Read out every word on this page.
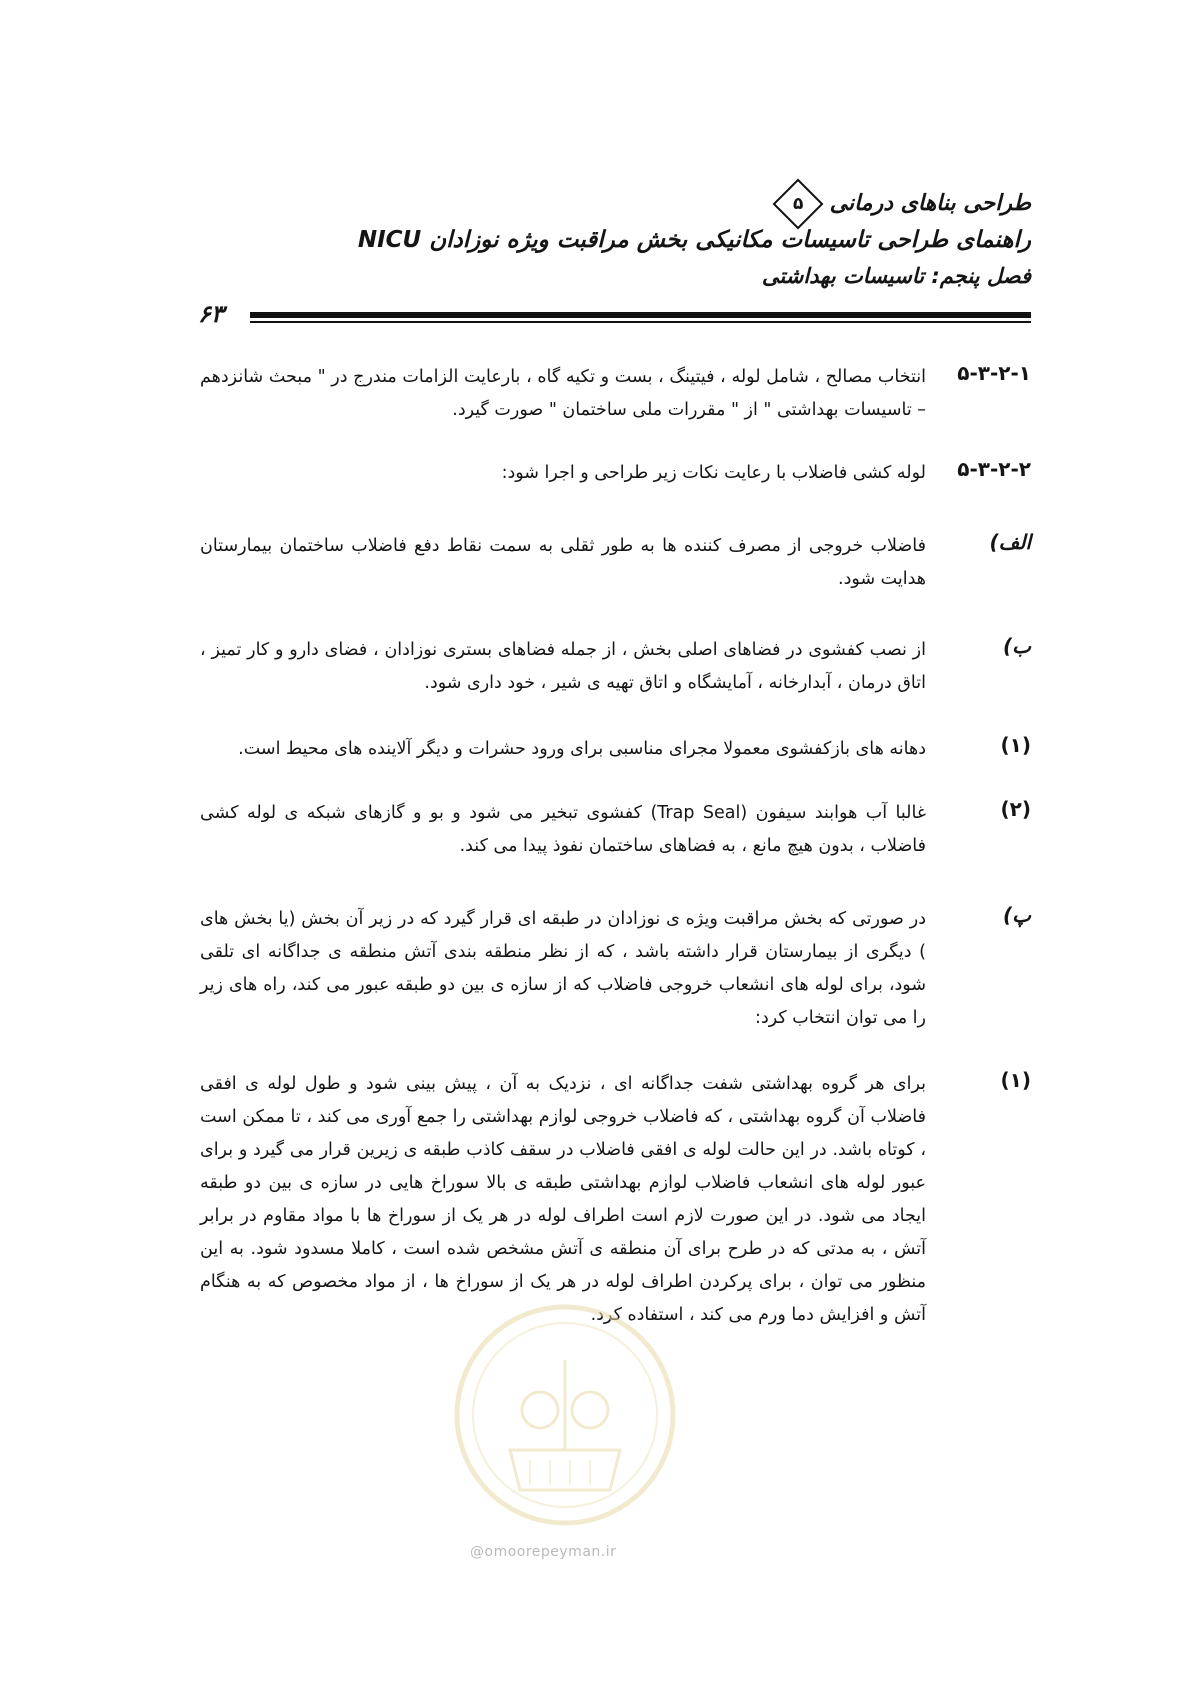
طراحی بناهای درمانی
۵
راهنمای طراحی تاسیسات مکانیکی بخش مراقبت ویژه نوزادان NICU
فصل پنجم: تاسیسات بهداشتی
۶۳
۵-۳-۲-۱
انتخاب مصالح ، شامل لوله ، فیتینگ ، بست و تکیه گاه ، بارعایت الزامات مندرج در " مبحث شانزدهم – تاسیسات بهداشتی " از " مقررات ملی ساختمان " صورت گیرد.
۵-۳-۲-۲
لوله کشی فاضلاب با رعایت نکات زیر طراحی و اجرا شود:
الف)
فاضلاب خروجی از مصرف کننده ها به طور ثقلی به سمت نقاط دفع فاضلاب ساختمان بیمارستان هدایت شود.
ب)
از نصب کفشوی در فضاهای اصلی بخش ، از جمله فضاهای بستری نوزادان ، فضای دارو و کار تمیز ، اتاق درمان ، آبدارخانه ، آمایشگاه و اتاق تهیه ی شیر ، خود داری شود.
(۱)
دهانه های بازکفشوی معمولا مجرای مناسبی برای ورود حشرات و دیگر آلاینده های محیط است.
(۲)
غالبا آب هوابند سیفون (Trap Seal) کفشوی تبخیر می شود و بو و گازهای شبکه ی لوله کشی فاضلاب ، بدون هیچ مانع ، به فضاهای ساختمان نفوذ پیدا می کند.
پ)
در صورتی که بخش مراقبت ویژه ی نوزادان در طبقه ای قرار گیرد که در زیر آن بخش (یا بخش های ) دیگری از بیمارستان قرار داشته باشد ، که از نظر منطقه بندی آتش منطقه ی جداگانه ای تلقی شود، برای لوله های انشعاب خروجی فاضلاب که از سازه ی بین دو طبقه عبور می کند، راه های زیر را می توان انتخاب کرد:
(۱)
برای هر گروه بهداشتی شفت جداگانه ای ، نزدیک به آن ، پیش بینی شود و طول لوله ی افقی فاضلاب آن گروه بهداشتی ، که فاضلاب خروجی لوازم بهداشتی را جمع آوری می کند ، تا ممکن است ، کوتاه باشد. در این حالت لوله ی افقی فاضلاب در سقف کاذب طبقه ی زیرین قرار می گیرد و برای عبور لوله های انشعاب فاضلاب لوازم بهداشتی طبقه ی بالا سوراخ هایی در سازه ی بین دو طبقه ایجاد می شود. در این صورت لازم است اطراف لوله در هر یک از سوراخ ها با مواد مقاوم در برابر آتش ، به مدتی که در طرح برای آن منطقه ی آتش مشخص شده است ، کاملا مسدود شود. به این منظور می توان ، برای پرکردن اطراف لوله در هر یک از سوراخ ها ، از مواد مخصوص که به هنگام آتش و افزایش دما ورم می کند ، استفاده کرد.
@omoorepeyman.ir
